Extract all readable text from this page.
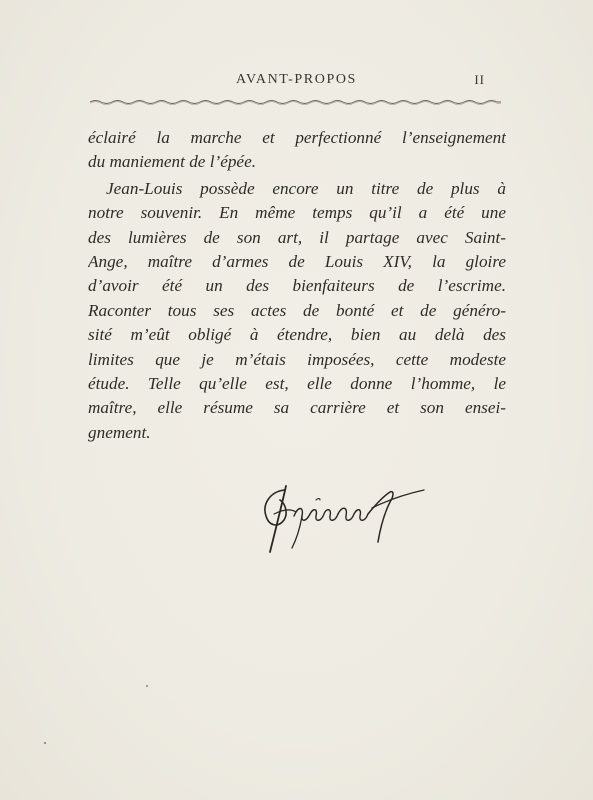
AVANT-PROPOS	II
éclairé la marche et perfectionné l’enseignement
du maniement de l’épée.
Jean-Louis possède encore un titre de plus à
notre souvenir. En même temps qu’il a été une
des lumières de son art, il partage avec Saint-
Ange, maître d’armes de Louis XIV, la gloire
d’avoir été un des bienfaiteurs de l’escrime.
Raconter tous ses actes de bonté et de généro-
sité m’eût obligé à étendre, bien au delà des
limites que je m’étais imposées, cette modeste
étude. Telle qu’elle est, elle donne l’homme, le
maître, elle résume sa carrière et son ensei-
gnement.
